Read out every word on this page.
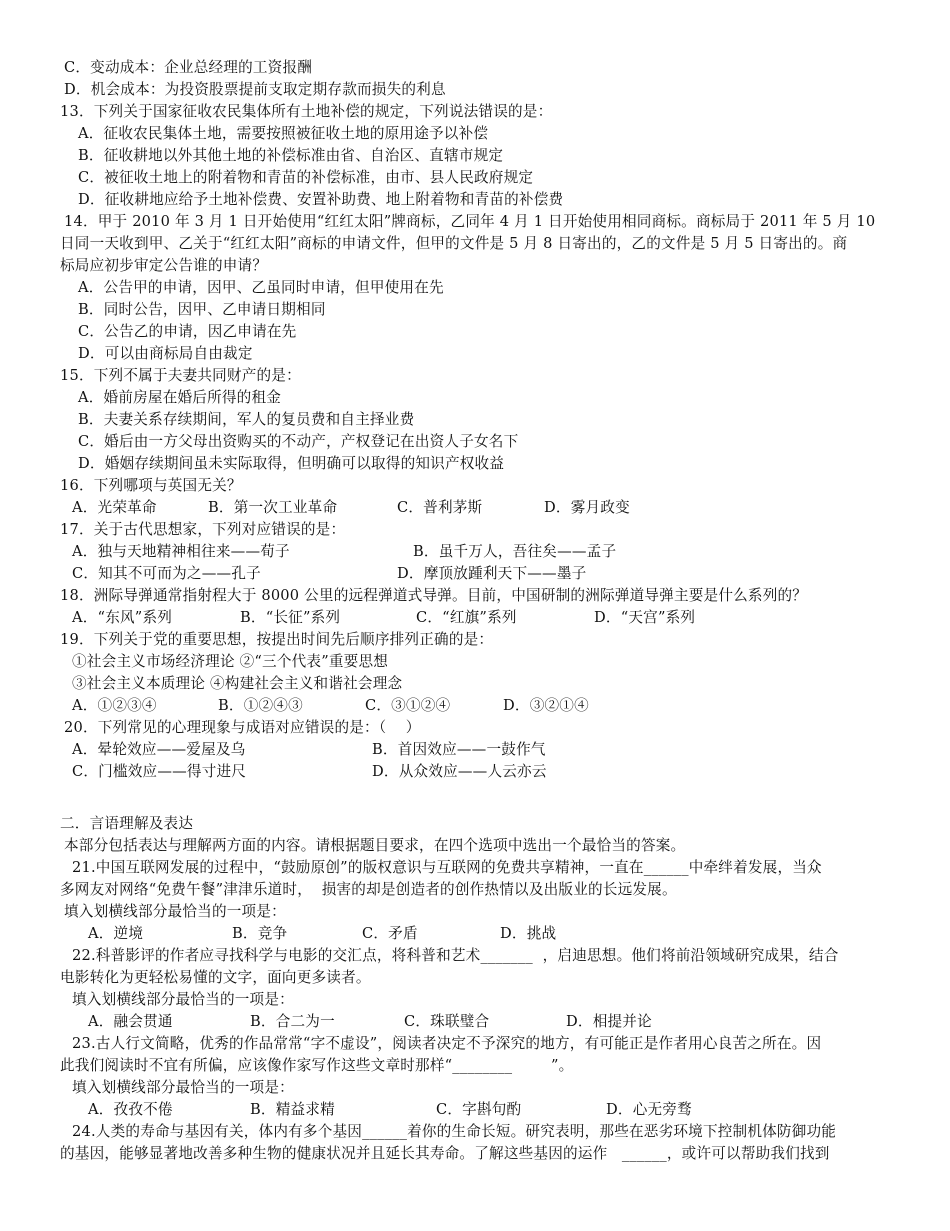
C．变动成本：企业总经理的工资报酬
D．机会成本：为投资股票提前支取定期存款而损失的利息
13．下列关于国家征收农民集体所有土地补偿的规定，下列说法错误的是：
A．征收农民集体土地，需要按照被征收土地的原用途予以补偿
B．征收耕地以外其他土地的补偿标准由省、自治区、直辖市规定
C．被征收土地上的附着物和青苗的补偿标准，由市、县人民政府规定
D．征收耕地应给予土地补偿费、安置补助费、地上附着物和青苗的补偿费
14．甲于 2010 年 3 月 1 日开始使用“红红太阳”牌商标，乙同年 4 月 1 日开始使用相同商标。商标局于 2011 年 5 月 10
日同一天收到甲、乙关于“红红太阳”商标的申请文件，但甲的文件是 5 月 8 日寄出的，乙的文件是 5 月 5 日寄出的。商
标局应初步审定公告谁的申请？
A．公告甲的申请，因甲、乙虽同时申请，但甲使用在先
B．同时公告，因甲、乙申请日期相同
C．公告乙的申请，因乙申请在先
D．可以由商标局自由裁定
15．下列不属于夫妻共同财产的是：
A．婚前房屋在婚后所得的租金
B．夫妻关系存续期间，军人的复员费和自主择业费
C．婚后由一方父母出资购买的不动产，产权登记在出资人子女名下
D．婚姻存续期间虽未实际取得，但明确可以取得的知识产权收益
16．下列哪项与英国无关？

A．光荣革命

	B．第一次工业革命

	C．普利茅斯

	D．雾月政变

17．关于古代思想家，下列对应错误的是：

A．独与天地精神相往来——荀子

	B．虽千万人，吾往矣——孟子

C．知其不可而为之——孔子

	D．摩顶放踵利天下——墨子

18．洲际导弹通常指射程大于 8000 公里的远程弹道式导弹。目前，中国研制的洲际弹道导弹主要是什么系列的？

A．“东风”系列

	B．“长征”系列

	C．“红旗”系列

	D．“天宫”系列

19．下列关于党的重要思想，按提出时间先后顺序排列正确的是：
①社会主义市场经济理论 ②“三个代表”重要思想
③社会主义本质理论 ④构建社会主义和谐社会理念

A．①②③④

	B．①②④③

	C．③①②④

	D．③②①④

20．下列常见的心理现象与成语对应错误的是：（    ）

A．晕轮效应——爱屋及乌

	B．首因效应——一鼓作气

C．门槛效应——得寸进尺

	D．从众效应——人云亦云

二．言语理解及表达
本部分包括表达与理解两方面的内容。请根据题目要求，在四个选项中选出一个最恰当的答案。
21.中国互联网发展的过程中，“鼓励原创”的版权意识与互联网的免费共享精神，一直在______中牵绊着发展，当众
多网友对网络“免费午餐”津津乐道时，  损害的却是创造者的创作热情以及出版业的长远发展。
填入划横线部分最恰当的一项是：

A．逆境

	B．竞争

	C．矛盾

	D．挑战

22.科普影评的作者应寻找科学与电影的交汇点，将科普和艺术_______  ，启迪思想。他们将前沿领域研究成果，结合
电影转化为更轻松易懂的文字，面向更多读者。
填入划横线部分最恰当的一项是：

A．融会贯通

	B．合二为一

	C．珠联璧合

	D．相提并论

23.古人行文简略，优秀的作品常常“字不虚设”，阅读者决定不予深究的地方，有可能正是作者用心良苦之所在。因
此我们阅读时不宜有所偏，应该像作家写作这些文章时那样“________        ”。
填入划横线部分最恰当的一项是：

A．孜孜不倦

	B．精益求精

	C．字斟句酌

	D．心无旁骛

24.人类的寿命与基因有关，体内有多个基因______着你的生命长短。研究表明，那些在恶劣环境下控制机体防御功能
的基因，能够显著地改善多种生物的健康状况并且延长其寿命。了解这些基因的运作   ______，或许可以帮助我们找到
